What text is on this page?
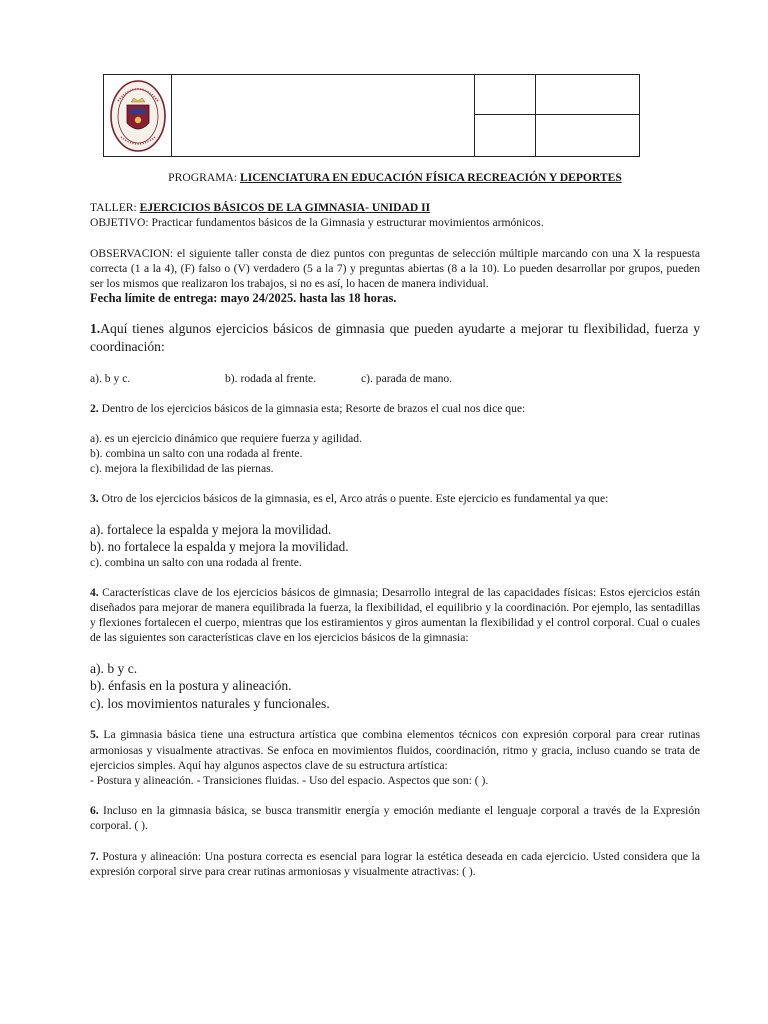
PROGRAMA: LICENCIATURA EN EDUCACIÓN FÍSICA RECREACIÓN Y DEPORTES

TALLER: EJERCICIOS BÁSICOS DE LA GIMNASIA- UNIDAD II

OBJETIVO: Practicar fundamentos básicos de la Gimnasia y estructurar movimientos armónicos.

OBSERVACION: el siguiente taller consta de diez puntos con preguntas de selección múltiple marcando con una X la respuesta correcta (1 a la 4), (F) falso o (V) verdadero (5 a la 7) y preguntas abiertas (8 a la 10). Lo pueden desarrollar por grupos, pueden ser los mismos que realizaron los trabajos, si no es así, lo hacen de manera individual.

Fecha límite de entrega: mayo 24/2025. hasta las 18 horas.

1.Aquí tienes algunos ejercicios básicos de gimnasia que pueden ayudarte a mejorar tu flexibilidad, fuerza y coordinación:

a). b y c.	b). rodada al frente.	c). parada de mano.

2. Dentro de los ejercicios básicos de la gimnasia esta; Resorte de brazos el cual nos dice que:

a). es un ejercicio dinámico que requiere fuerza y agilidad.

b). combina un salto con una rodada al frente.

c). mejora la flexibilidad de las piernas.

3. Otro de los ejercicios básicos de la gimnasia, es el, Arco atrás o puente. Este ejercicio es fundamental ya que:

a). fortalece la espalda y mejora la movilidad.

b). no fortalece la espalda y mejora la movilidad.

c). combina un salto con una rodada al frente.

4. Características clave de los ejercicios básicos de gimnasia; Desarrollo integral de las capacidades físicas: Estos ejercicios están diseñados para mejorar de manera equilibrada la fuerza, la flexibilidad, el equilibrio y la coordinación. Por ejemplo, las sentadillas y flexiones fortalecen el cuerpo, mientras que los estiramientos y giros aumentan la flexibilidad y el control corporal. Cual o cuales de las siguientes son características clave en los ejercicios básicos de la gimnasia:

a). b y c.

b). énfasis en la postura y alineación.

c). los movimientos naturales y funcionales.

5. La gimnasia básica tiene una estructura artística que combina elementos técnicos con expresión corporal para crear rutinas armoniosas y visualmente atractivas. Se enfoca en movimientos fluidos, coordinación, ritmo y gracia, incluso cuando se trata de ejercicios simples. Aquí hay algunos aspectos clave de su estructura artística:

- Postura y alineación. - Transiciones fluidas. - Uso del espacio. Aspectos que son: ( ).

6. Incluso en la gimnasia básica, se busca transmitir energía y emoción mediante el lenguaje corporal a través de la Expresión corporal. ( ).

7. Postura y alineación: Una postura correcta es esencial para lograr la estética deseada en cada ejercicio. Usted considera que la expresión corporal sirve para crear rutinas armoniosas y visualmente atractivas: ( ).
